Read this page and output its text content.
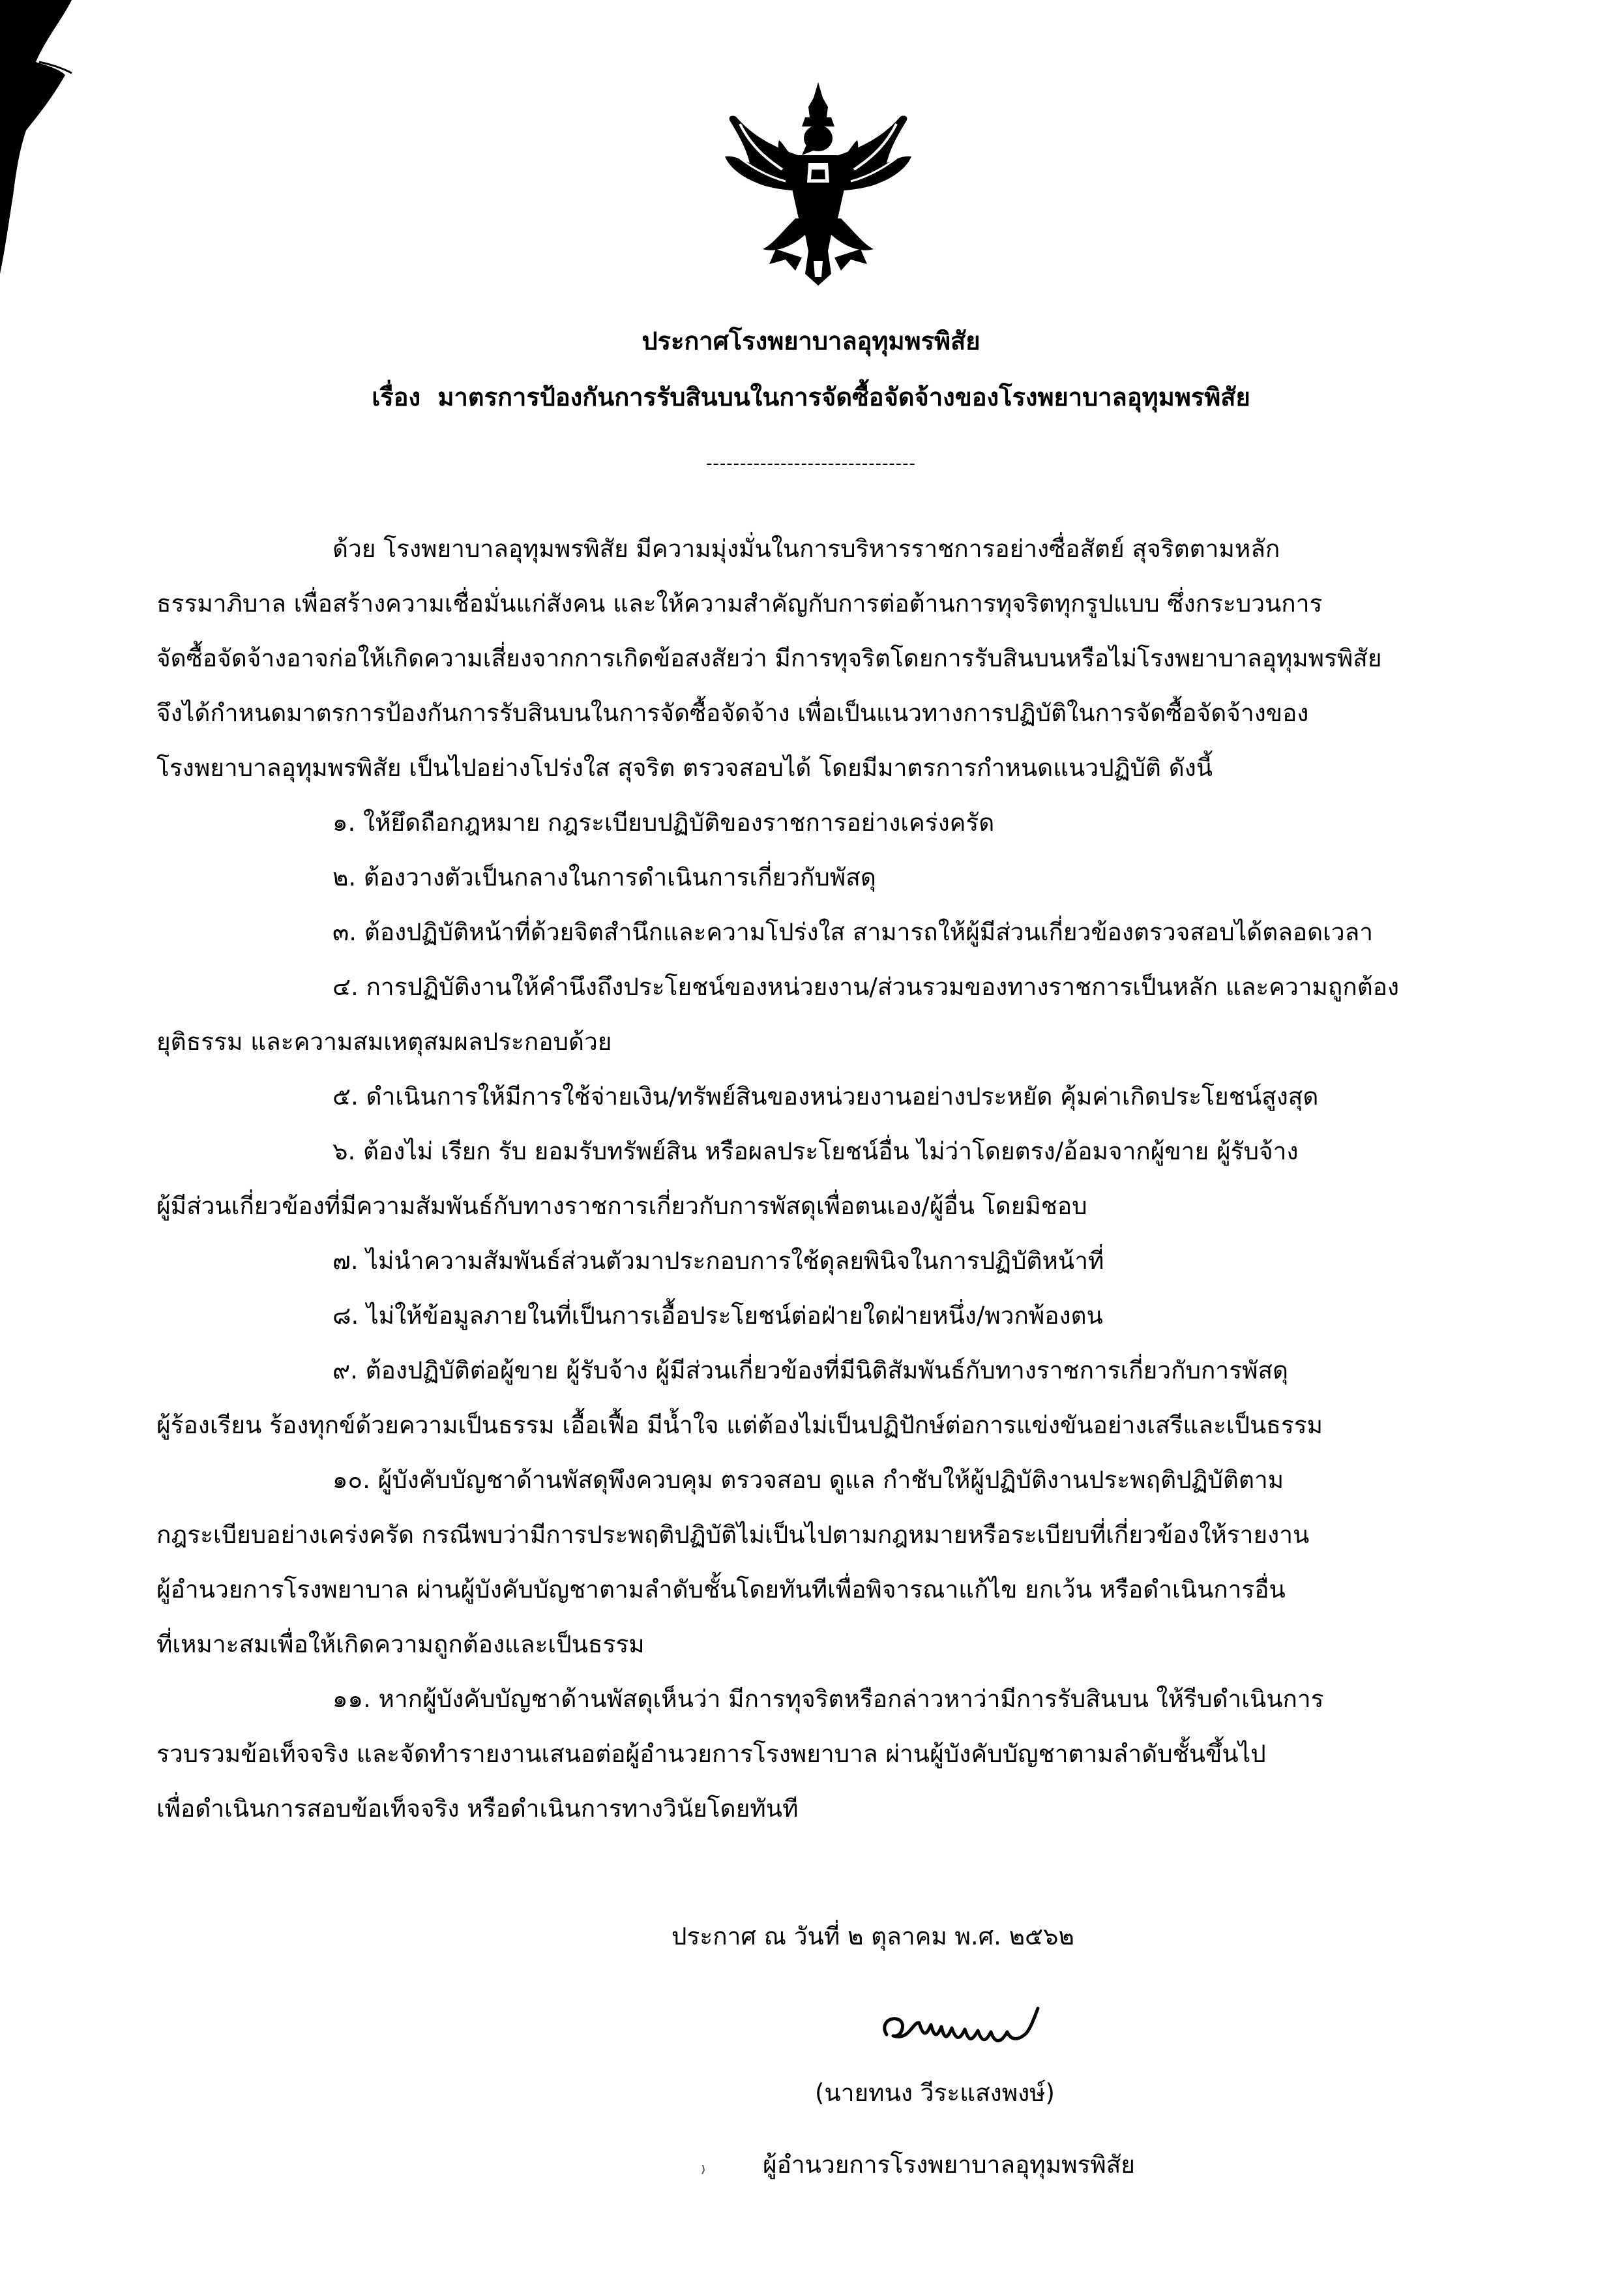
ประกาศโรงพยาบาลอุทุมพรพิสัย
เรื่อง มาตรการป้องกันการรับสินบนในการจัดซื้อจัดจ้างของโรงพยาบาลอุทุมพรพิสัย
-------------------------------
ด้วย โรงพยาบาลอุทุมพรพิสัย มีความมุ่งมั่นในการบริหารราชการอย่างซื่อสัตย์ สุจริตตามหลัก
ธรรมาภิบาล เพื่อสร้างความเชื่อมั่นแก่สังคน และให้ความสำคัญกับการต่อต้านการทุจริตทุกรูปแบบ ซึ่งกระบวนการ
จัดซื้อจัดจ้างอาจก่อให้เกิดความเสี่ยงจากการเกิดข้อสงสัยว่า มีการทุจริตโดยการรับสินบนหรือไม่โรงพยาบาลอุทุมพรพิสัย
จึงได้กำหนดมาตรการป้องกันการรับสินบนในการจัดซื้อจัดจ้าง เพื่อเป็นแนวทางการปฏิบัติในการจัดซื้อจัดจ้างของ
โรงพยาบาลอุทุมพรพิสัย เป็นไปอย่างโปร่งใส สุจริต ตรวจสอบได้ โดยมีมาตรการกำหนดแนวปฏิบัติ ดังนี้
๑. ให้ยึดถือกฎหมาย กฎระเบียบปฏิบัติของราชการอย่างเคร่งครัด
๒. ต้องวางตัวเป็นกลางในการดำเนินการเกี่ยวกับพัสดุ
๓. ต้องปฏิบัติหน้าที่ด้วยจิตสำนึกและความโปร่งใส สามารถให้ผู้มีส่วนเกี่ยวข้องตรวจสอบได้ตลอดเวลา
๔. การปฏิบัติงานให้คำนึงถึงประโยชน์ของหน่วยงาน/ส่วนรวมของทางราชการเป็นหลัก และความถูกต้อง
ยุติธรรม และความสมเหตุสมผลประกอบด้วย
๕. ดำเนินการให้มีการใช้จ่ายเงิน/ทรัพย์สินของหน่วยงานอย่างประหยัด คุ้มค่าเกิดประโยชน์สูงสุด
๖. ต้องไม่ เรียก รับ ยอมรับทรัพย์สิน หรือผลประโยชน์อื่น ไม่ว่าโดยตรง/อ้อมจากผู้ขาย ผู้รับจ้าง
ผู้มีส่วนเกี่ยวข้องที่มีความสัมพันธ์กับทางราชการเกี่ยวกับการพัสดุเพื่อตนเอง/ผู้อื่น โดยมิชอบ
๗. ไม่นำความสัมพันธ์ส่วนตัวมาประกอบการใช้ดุลยพินิจในการปฏิบัติหน้าที่
๘. ไม่ให้ข้อมูลภายในที่เป็นการเอื้อประโยชน์ต่อฝ่ายใดฝ่ายหนึ่ง/พวกพ้องตน
๙. ต้องปฏิบัติต่อผู้ขาย ผู้รับจ้าง ผู้มีส่วนเกี่ยวข้องที่มีนิติสัมพันธ์กับทางราชการเกี่ยวกับการพัสดุ
ผู้ร้องเรียน ร้องทุกข์ด้วยความเป็นธรรม เอื้อเฟื้อ มีน้ำใจ แต่ต้องไม่เป็นปฏิปักษ์ต่อการแข่งขันอย่างเสรีและเป็นธรรม
๑๐. ผู้บังคับบัญชาด้านพัสดุพึงควบคุม ตรวจสอบ ดูแล กำชับให้ผู้ปฏิบัติงานประพฤติปฏิบัติตาม
กฎระเบียบอย่างเคร่งครัด กรณีพบว่ามีการประพฤติปฏิบัติไม่เป็นไปตามกฎหมายหรือระเบียบที่เกี่ยวข้องให้รายงาน
ผู้อำนวยการโรงพยาบาล ผ่านผู้บังคับบัญชาตามลำดับชั้นโดยทันทีเพื่อพิจารณาแก้ไข ยกเว้น หรือดำเนินการอื่น
ที่เหมาะสมเพื่อให้เกิดความถูกต้องและเป็นธรรม
๑๑. หากผู้บังคับบัญชาด้านพัสดุเห็นว่า มีการทุจริตหรือกล่าวหาว่ามีการรับสินบน ให้รีบดำเนินการ
รวบรวมข้อเท็จจริง และจัดทำรายงานเสนอต่อผู้อำนวยการโรงพยาบาล ผ่านผู้บังคับบัญชาตามลำดับชั้นขึ้นไป
เพื่อดำเนินการสอบข้อเท็จจริง หรือดำเนินการทางวินัยโดยทันที
ประกาศ ณ วันที่ ๒ ตุลาคม พ.ศ. ๒๕๖๒
(นายทนง วีระแสงพงษ์)
ผู้อำนวยการโรงพยาบาลอุทุมพรพิสัย
